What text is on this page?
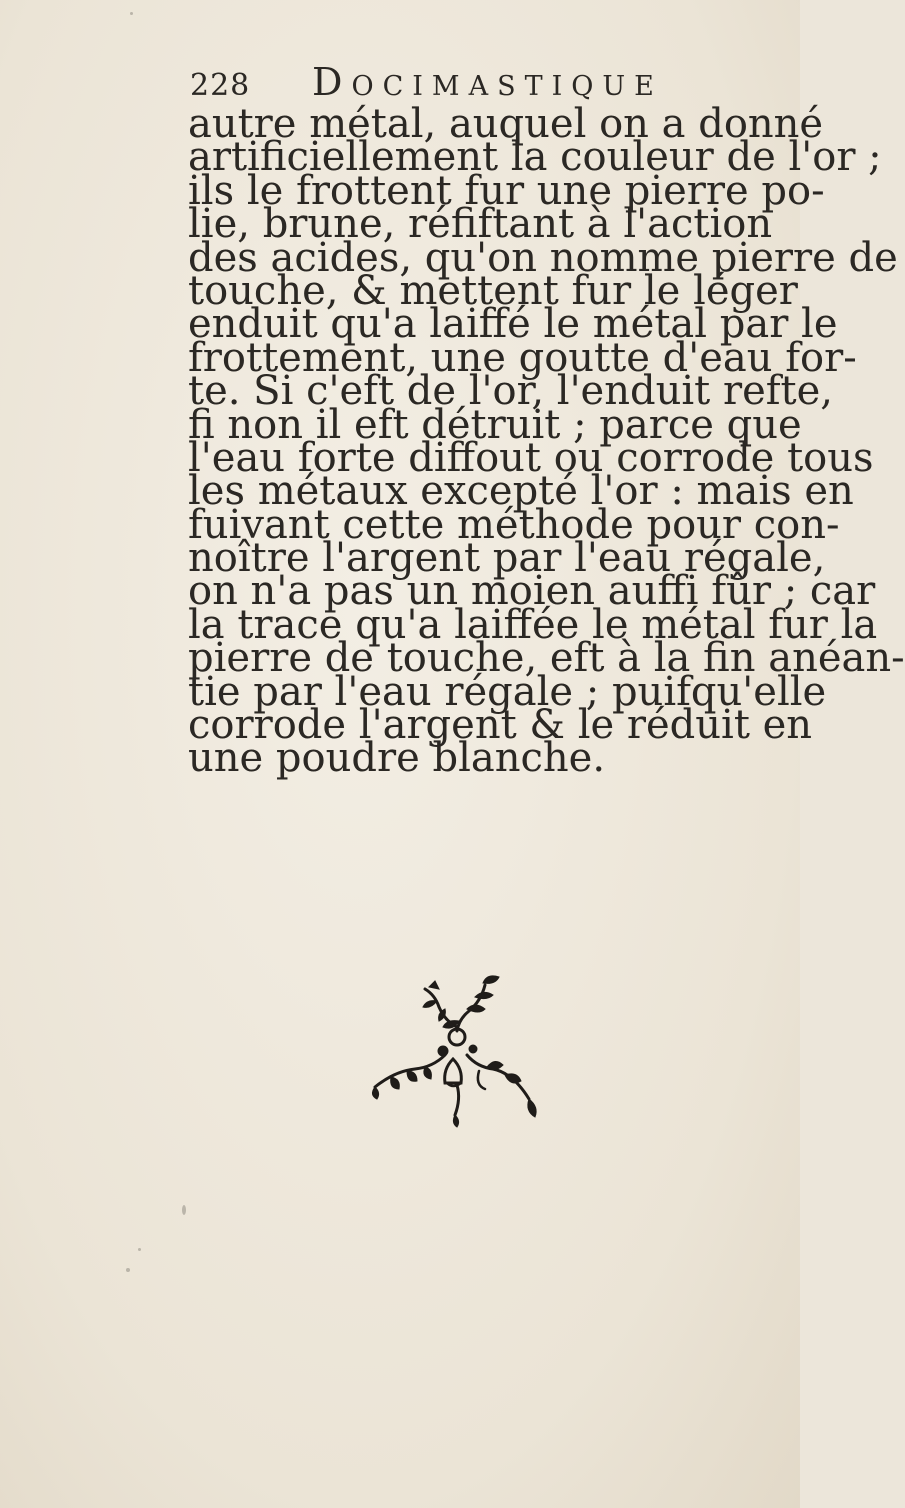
228 Docimastique
autre métal, auquel on a donné
artificiellement la couleur de l'or ;
ils le frottent fur une pierre po-
lie, brune, réfiftant à l'action
des acides, qu'on nomme pierre de
touche, & mettent fur le léger
enduit qu'a laiffé le métal par le
frottement, une goutte d'eau for-
te. Si c'eft de l'or, l'enduit refte,
fi non il eft détruit ; parce que
l'eau forte diffout ou corrode tous
les métaux excepté l'or : mais en
fuivant cette méthode pour con-
noître l'argent par l'eau régale,
on n'a pas un moien auffi fûr ; car
la trace qu'a laiffée le métal fur la
pierre de touche, eft à la fin anéan-
tie par l'eau régale ; puifqu'elle
corrode l'argent & le réduit en
une poudre blanche.
